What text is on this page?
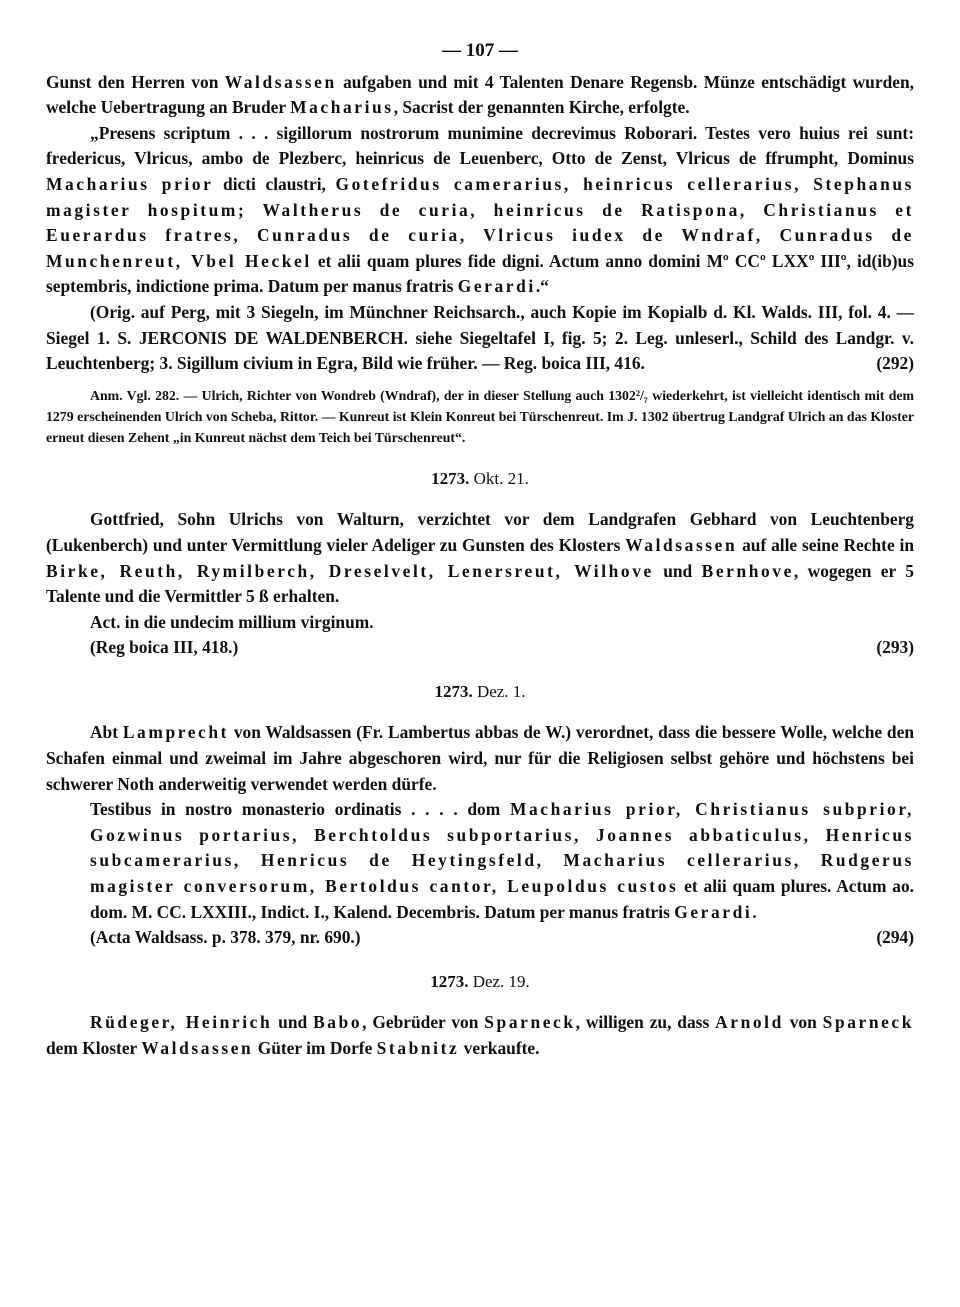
— 107 —

Gunst den Herren von Waldsassen aufgaben und mit 4 Talenten Denare Regensb. Münze entschädigt wurden, welche Uebertragung an Bruder Macharius, Sacrist der genannten Kirche, erfolgte.

„Presens scriptum . . . sigillorum nostrorum munimine decrevimus Roborari. Testes vero huius rei sunt: fredericus, Vlricus, ambo de Plezberc, heinricus de Leuenberc, Otto de Zenst, Vlricus de ffrumpht, Dominus Macharius prior dicti claustri, Gotefridus camerarius, heinricus cellerarius, Stephanus magister hospitum; Waltherus de curia, heinricus de Ratispona, Christianus et Euerardus fratres, Cunradus de curia, Vlricus iudex de Wndraf, Cunradus de Munchenreut, Vbel Heckel et alii quam plures fide digni. Actum anno domini Mº CCº LXXº IIIº, id(ib)us septembris, indictione prima. Datum per manus fratris Gerardi.“

(Orig. auf Perg, mit 3 Siegeln, im Münchner Reichsarch., auch Kopie im Kopialb d. Kl. Walds. III, fol. 4. — Siegel 1. S. JERCONIS DE WALDENBERCH. siehe Siegeltafel I, fig. 5; 2. Leg. unleserl., Schild des Landgr. v. Leuchtenberg; 3. Sigillum civium in Egra, Bild wie früher. — Reg. boica III, 416.	(292)

Anm. Vgl. 282. — Ulrich, Richter von Wondreb (Wndraf), der in dieser Stellung auch 1302²/₇ wiederkehrt, ist vielleicht identisch mit dem 1279 erscheinenden Ulrich von Scheba, Rittor. — Kunreut ist Klein Konreut bei Türschenreut. Im J. 1302 übertrug Landgraf Ulrich an das Kloster erneut diesen Zehent „in Kunreut nächst dem Teich bei Türschenreut“.

1273. Okt. 21.

Gottfried, Sohn Ulrichs von Walturn, verzichtet vor dem Landgrafen Gebhard von Leuchtenberg (Lukenberch) und unter Vermittlung vieler Adeliger zu Gunsten des Klosters Waldsassen auf alle seine Rechte in Birke, Reuth, Rymilberch, Dreselvelt, Lenersreut, Wilhove und Bernhove, wogegen er 5 Talente und die Vermittler 5 ß erhalten.

Act. in die undecim millium virginum.

(Reg boica III, 418.)	(293)
1273. Dez. 1.

Abt Lamprecht von Waldsassen (Fr. Lambertus abbas de W.) verordnet, dass die bessere Wolle, welche den Schafen einmal und zweimal im Jahre abgeschoren wird, nur für die Religiosen selbst gehöre und höchstens bei schwerer Noth anderweitig verwendet werden dürfe.

Testibus in nostro monasterio ordinatis . . . . dom Macharius prior, Christianus subprior, Gozwinus portarius, Berchtoldus subportarius, Joannes abbaticulus, Henricus subcamerarius, Henricus de Heytingsfeld, Macharius cellerarius, Rudgerus magister conversorum, Bertoldus cantor, Leupoldus custos et alii quam plures. Actum ao. dom. M. CC. LXXIII., Indict. I., Kalend. Decembris. Datum per manus fratris Gerardi.

(Acta Waldsass. p. 378. 379, nr. 690.)	(294)
1273. Dez. 19.

Rüdeger, Heinrich und Babo, Gebrüder von Sparneck, willigen zu, dass Arnold von Sparneck dem Kloster Waldsassen Güter im Dorfe Stabnitz verkaufte.
